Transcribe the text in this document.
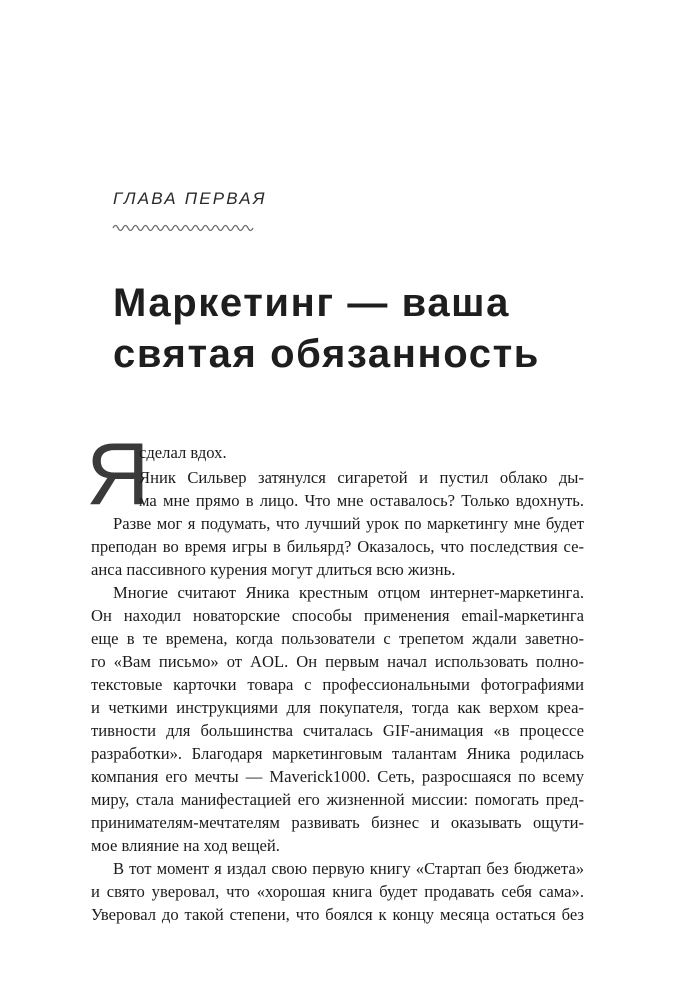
ГЛАВА ПЕРВАЯ
Маркетинг — ваша
святая обязанность
Я
сделал вдох.
Яник Сильвер затянулся сигаретой и пустил облако ды-
ма мне прямо в лицо. Что мне оставалось? Только вдохнуть.
Разве мог я подумать, что лучший урок по маркетингу мне будет
преподан во время игры в бильярд? Оказалось, что последствия се-
анса пассивного курения могут длиться всю жизнь.
Многие считают Яника крестным отцом интернет-маркетинга.
Он находил новаторские способы применения email-маркетинга
еще в те времена, когда пользователи с трепетом ждали заветно-
го «Вам письмо» от AOL. Он первым начал использовать полно-
текстовые карточки товара с профессиональными фотографиями
и четкими инструкциями для покупателя, тогда как верхом креа-
тивности для большинства считалась GIF-анимация «в процессе
разработки». Благодаря маркетинговым талантам Яника родилась
компания его мечты — Maverick1000. Сеть, разросшаяся по всему
миру, стала манифестацией его жизненной миссии: помогать пред-
принимателям-мечтателям развивать бизнес и оказывать ощути-
мое влияние на ход вещей.
В тот момент я издал свою первую книгу «Стартап без бюджета»
и свято уверовал, что «хорошая книга будет продавать себя сама».
Уверовал до такой степени, что боялся к концу месяца остаться без
